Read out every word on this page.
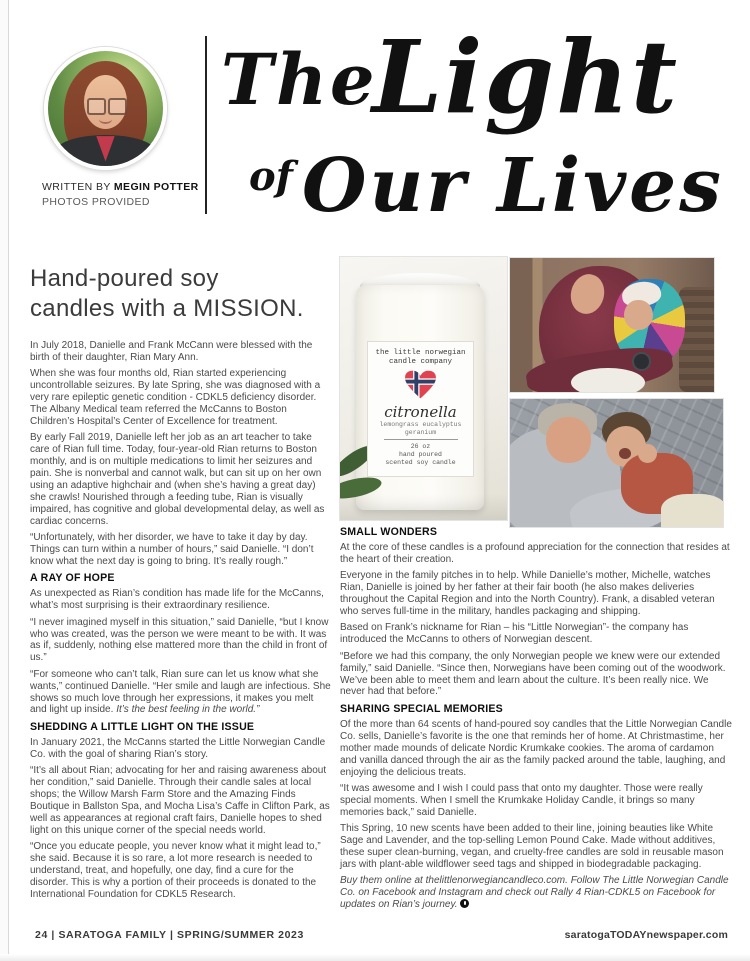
WRITTEN BY MEGIN POTTER
PHOTOS PROVIDED
The
Light
of Our Lives
Hand-poured soy
candles with a MISSION.

In July 2018, Danielle and Frank McCann were blessed with the birth of their daughter, Rian Mary Ann.

When she was four months old, Rian started experiencing uncontrollable seizures. By late Spring, she was diagnosed with a very rare epileptic genetic condition - CDKL5 deficiency disorder. The Albany Medical team referred the McCanns to Boston Children’s Hospital’s Center of Excellence for treatment.

By early Fall 2019, Danielle left her job as an art teacher to take care of Rian full time. Today, four-year-old Rian returns to Boston monthly, and is on multiple medications to limit her seizures and pain. She is nonverbal and cannot walk, but can sit up on her own using an adaptive highchair and (when she’s having a great day) she crawls! Nourished through a feeding tube, Rian is visually impaired, has cognitive and global developmental delay, as well as cardiac concerns.

“Unfortunately, with her disorder, we have to take it day by day. Things can turn within a number of hours,” said Danielle. “I don’t know what the next day is going to bring. It’s really rough.”

A RAY OF HOPE

As unexpected as Rian’s condition has made life for the McCanns, what’s most surprising is their extraordinary resilience.

“I never imagined myself in this situation,” said Danielle, “but I know who was created, was the person we were meant to be with. It was as if, suddenly, nothing else mattered more than the child in front of us.”

“For someone who can’t talk, Rian sure can let us know what she wants,” continued Danielle. “Her smile and laugh are infectious. She shows so much love through her expressions, it makes you melt and light up inside. It’s the best feeling in the world.”

SHEDDING A LITTLE LIGHT ON THE ISSUE

In January 2021, the McCanns started the Little Norwegian Candle Co. with the goal of sharing Rian’s story.

“It’s all about Rian; advocating for her and raising awareness about her condition,” said Danielle. Through their candle sales at local shops; the Willow Marsh Farm Store and the Amazing Finds Boutique in Ballston Spa, and Mocha Lisa’s Caffe in Clifton Park, as well as appearances at regional craft fairs, Danielle hopes to shed light on this unique corner of the special needs world.

“Once you educate people, you never know what it might lead to,” she said. Because it is so rare, a lot more research is needed to understand, treat, and hopefully, one day, find a cure for the disorder. This is why a portion of their proceeds is donated to the International Foundation for CDKL5 Research.

the little norwegian
candle company
citronella
lemongrass eucalyptus
geranium
26 oz
hand poured
scented soy candle
SMALL WONDERS

At the core of these candles is a profound appreciation for the connection that resides at the heart of their creation.

Everyone in the family pitches in to help. While Danielle’s mother, Michelle, watches Rian, Danielle is joined by her father at their fair booth (he also makes deliveries throughout the Capital Region and into the North Country). Frank, a disabled veteran who serves full-time in the military, handles packaging and shipping.

Based on Frank’s nickname for Rian – his “Little Norwegian”- the company has introduced the McCanns to others of Norwegian descent.

“Before we had this company, the only Norwegian people we knew were our extended family,” said Danielle. “Since then, Norwegians have been coming out of the woodwork. We’ve been able to meet them and learn about the culture. It’s been really nice. We never had that before.”

SHARING SPECIAL MEMORIES

Of the more than 64 scents of hand-poured soy candles that the Little Norwegian Candle Co. sells, Danielle’s favorite is the one that reminds her of home. At Christmastime, her mother made mounds of delicate Nordic Krumkake cookies. The aroma of cardamon and vanilla danced through the air as the family packed around the table, laughing, and enjoying the delicious treats.

“It was awesome and I wish I could pass that onto my daughter. Those were really special moments. When I smell the Krumkake Holiday Candle, it brings so many memories back,” said Danielle.

This Spring, 10 new scents have been added to their line, joining beauties like White Sage and Lavender, and the top-selling Lemon Pound Cake. Made without additives, these super clean-burning, vegan, and cruelty-free candles are sold in reusable mason jars with plant-able wildflower seed tags and shipped in biodegradable packaging.

Buy them online at thelittlenorwegiancandleco.com. Follow The Little Norwegian Candle Co. on Facebook and Instagram and check out Rally 4 Rian-CDKL5 on Facebook for updates on Rian’s journey.

24 | SARATOGA FAMILY | SPRING/SUMMER 2023	saratogaTODAYnewspaper.com
